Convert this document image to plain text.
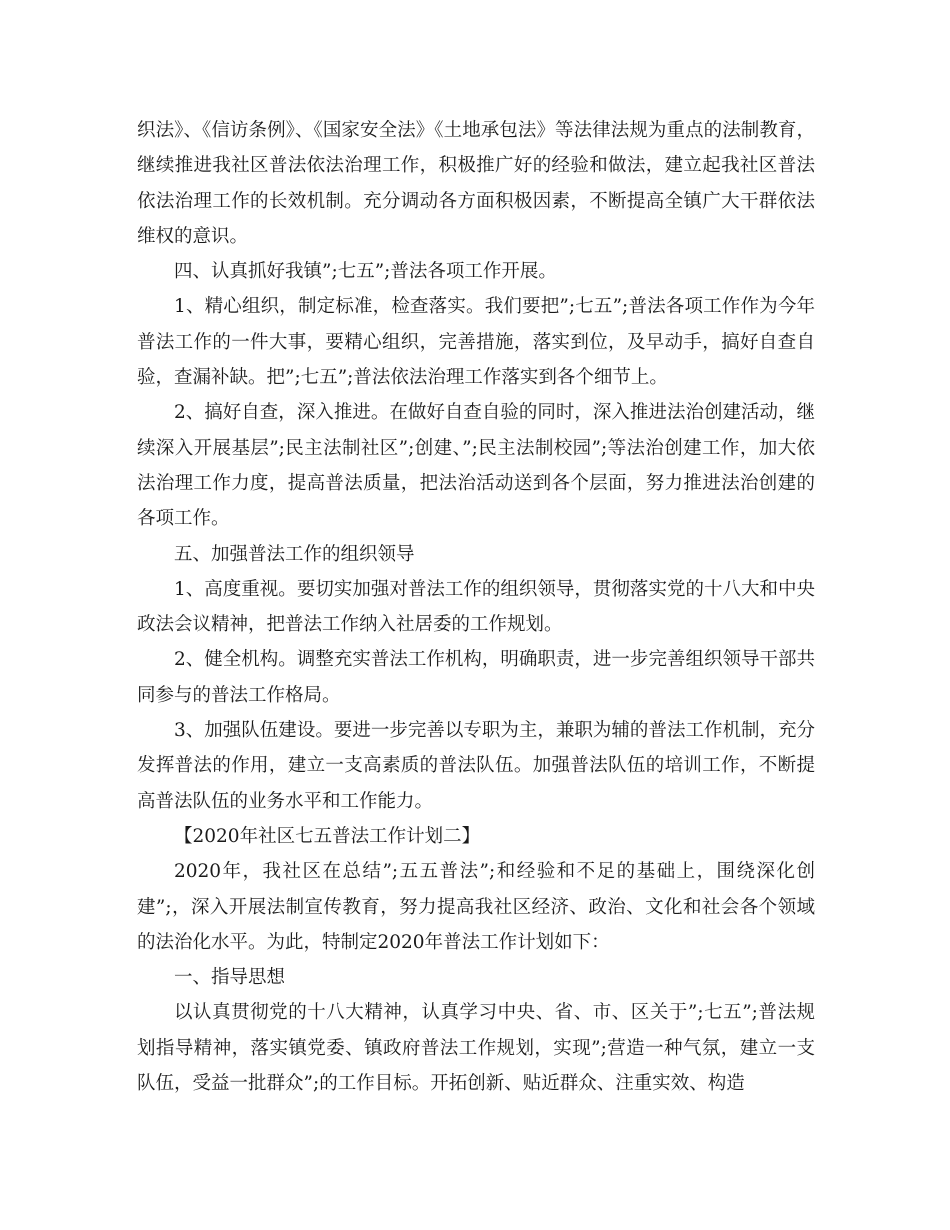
织法》、《信访条例》、《国家安全法》《土地承包法》等法律法规为重点的法制教育，继续推进我社区普法依法治理工作，积极推广好的经验和做法，建立起我社区普法依法治理工作的长效机制。充分调动各方面积极因素，不断提高全镇广大干群依法维权的意识。

四、认真抓好我镇”;七五”;普法各项工作开展。

1、精心组织，制定标准，检查落实。我们要把”;七五”;普法各项工作作为今年普法工作的一件大事，要精心组织，完善措施，落实到位，及早动手，搞好自查自验，查漏补缺。把”;七五”;普法依法治理工作落实到各个细节上。

2、搞好自查，深入推进。在做好自查自验的同时，深入推进法治创建活动，继续深入开展基层”;民主法制社区”;创建、”;民主法制校园”;等法治创建工作，加大依法治理工作力度，提高普法质量，把法治活动送到各个层面，努力推进法治创建的各项工作。

五、加强普法工作的组织领导

1、高度重视。要切实加强对普法工作的组织领导，贯彻落实党的十八大和中央政法会议精神，把普法工作纳入社居委的工作规划。

2、健全机构。调整充实普法工作机构，明确职责，进一步完善组织领导干部共同参与的普法工作格局。

3、加强队伍建设。要进一步完善以专职为主，兼职为辅的普法工作机制，充分发挥普法的作用，建立一支高素质的普法队伍。加强普法队伍的培训工作，不断提高普法队伍的业务水平和工作能力。

【2020年社区七五普法工作计划二】

2020年，我社区在总结”;五五普法”;和经验和不足的基础上，围绕深化创建”;，深入开展法制宣传教育，努力提高我社区经济、政治、文化和社会各个领域的法治化水平。为此，特制定2020年普法工作计划如下：

一、指导思想

以认真贯彻党的十八大精神，认真学习中央、省、市、区关于”;七五”;普法规划指导精神，落实镇党委、镇政府普法工作规划，实现”;营造一种气氛，建立一支队伍，受益一批群众”;的工作目标。开拓创新、贴近群众、注重实效、构造
